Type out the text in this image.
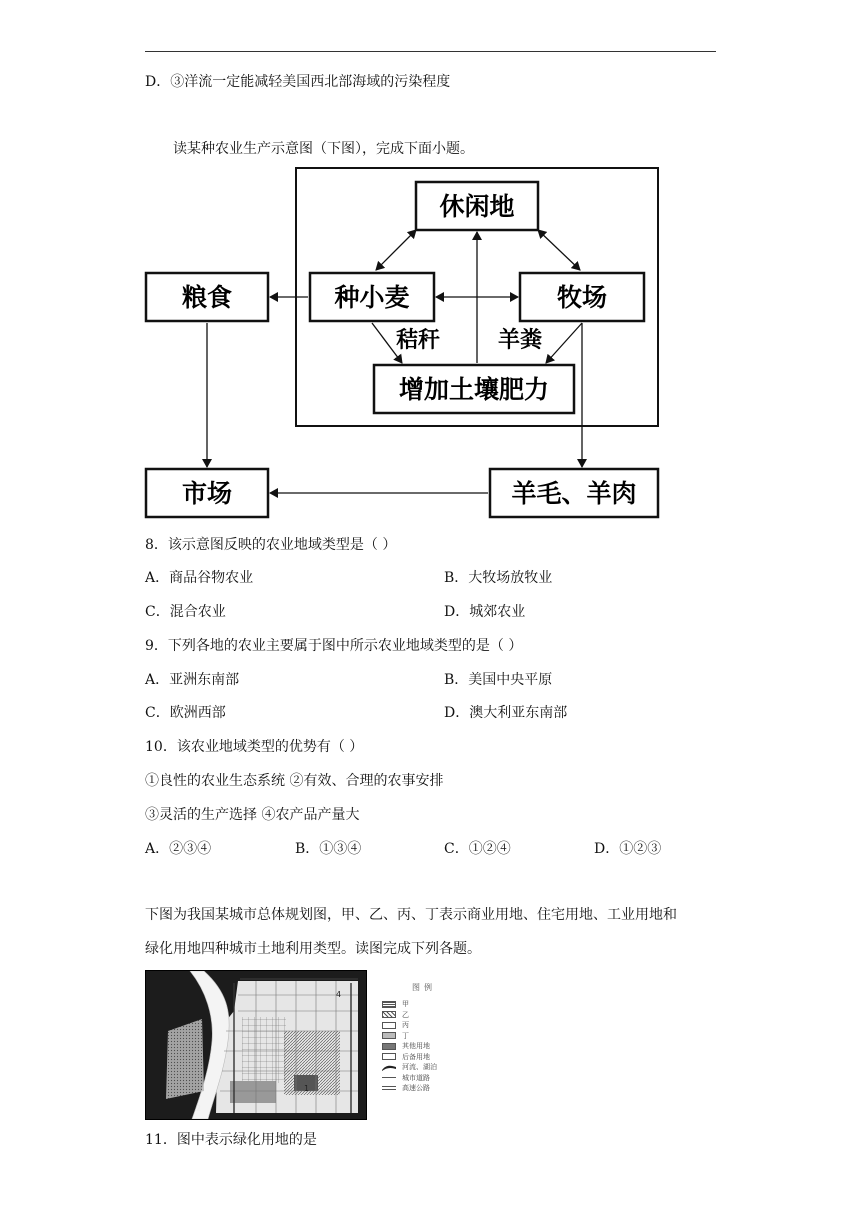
D．③洋流一定能减轻美国西北部海域的污染程度
读某种农业生产示意图（下图），完成下面小题。
休闲地
粮食	种小麦	牧场
增加土壤肥力
市场	羊毛、羊肉
秸秆	羊粪
8．该示意图反映的农业地域类型是（ ）
A．商品谷物农业	B．大牧场放牧业
C．混合农业	D．城郊农业
9．下列各地的农业主要属于图中所示农业地域类型的是（ ）
A．亚洲东南部	B．美国中央平原
C．欧洲西部	D．澳大利亚东南部
10．该农业地域类型的优势有（ ）
①良性的农业生态系统 ②有效、合理的农事安排
③灵活的生产选择 ④农产品产量大
A．②③④	B．①③④	C．①②④	D．①②③
下图为我国某城市总体规划图，甲、乙、丙、丁表示商业用地、住宅用地、工业用地和
绿化用地四种城市土地利用类型。读图完成下列各题。
4
1
2
图例
甲
乙
丙
丁
其他用地
后备用地
河流、湖泊
城市道路
高速公路
11．图中表示绿化用地的是
